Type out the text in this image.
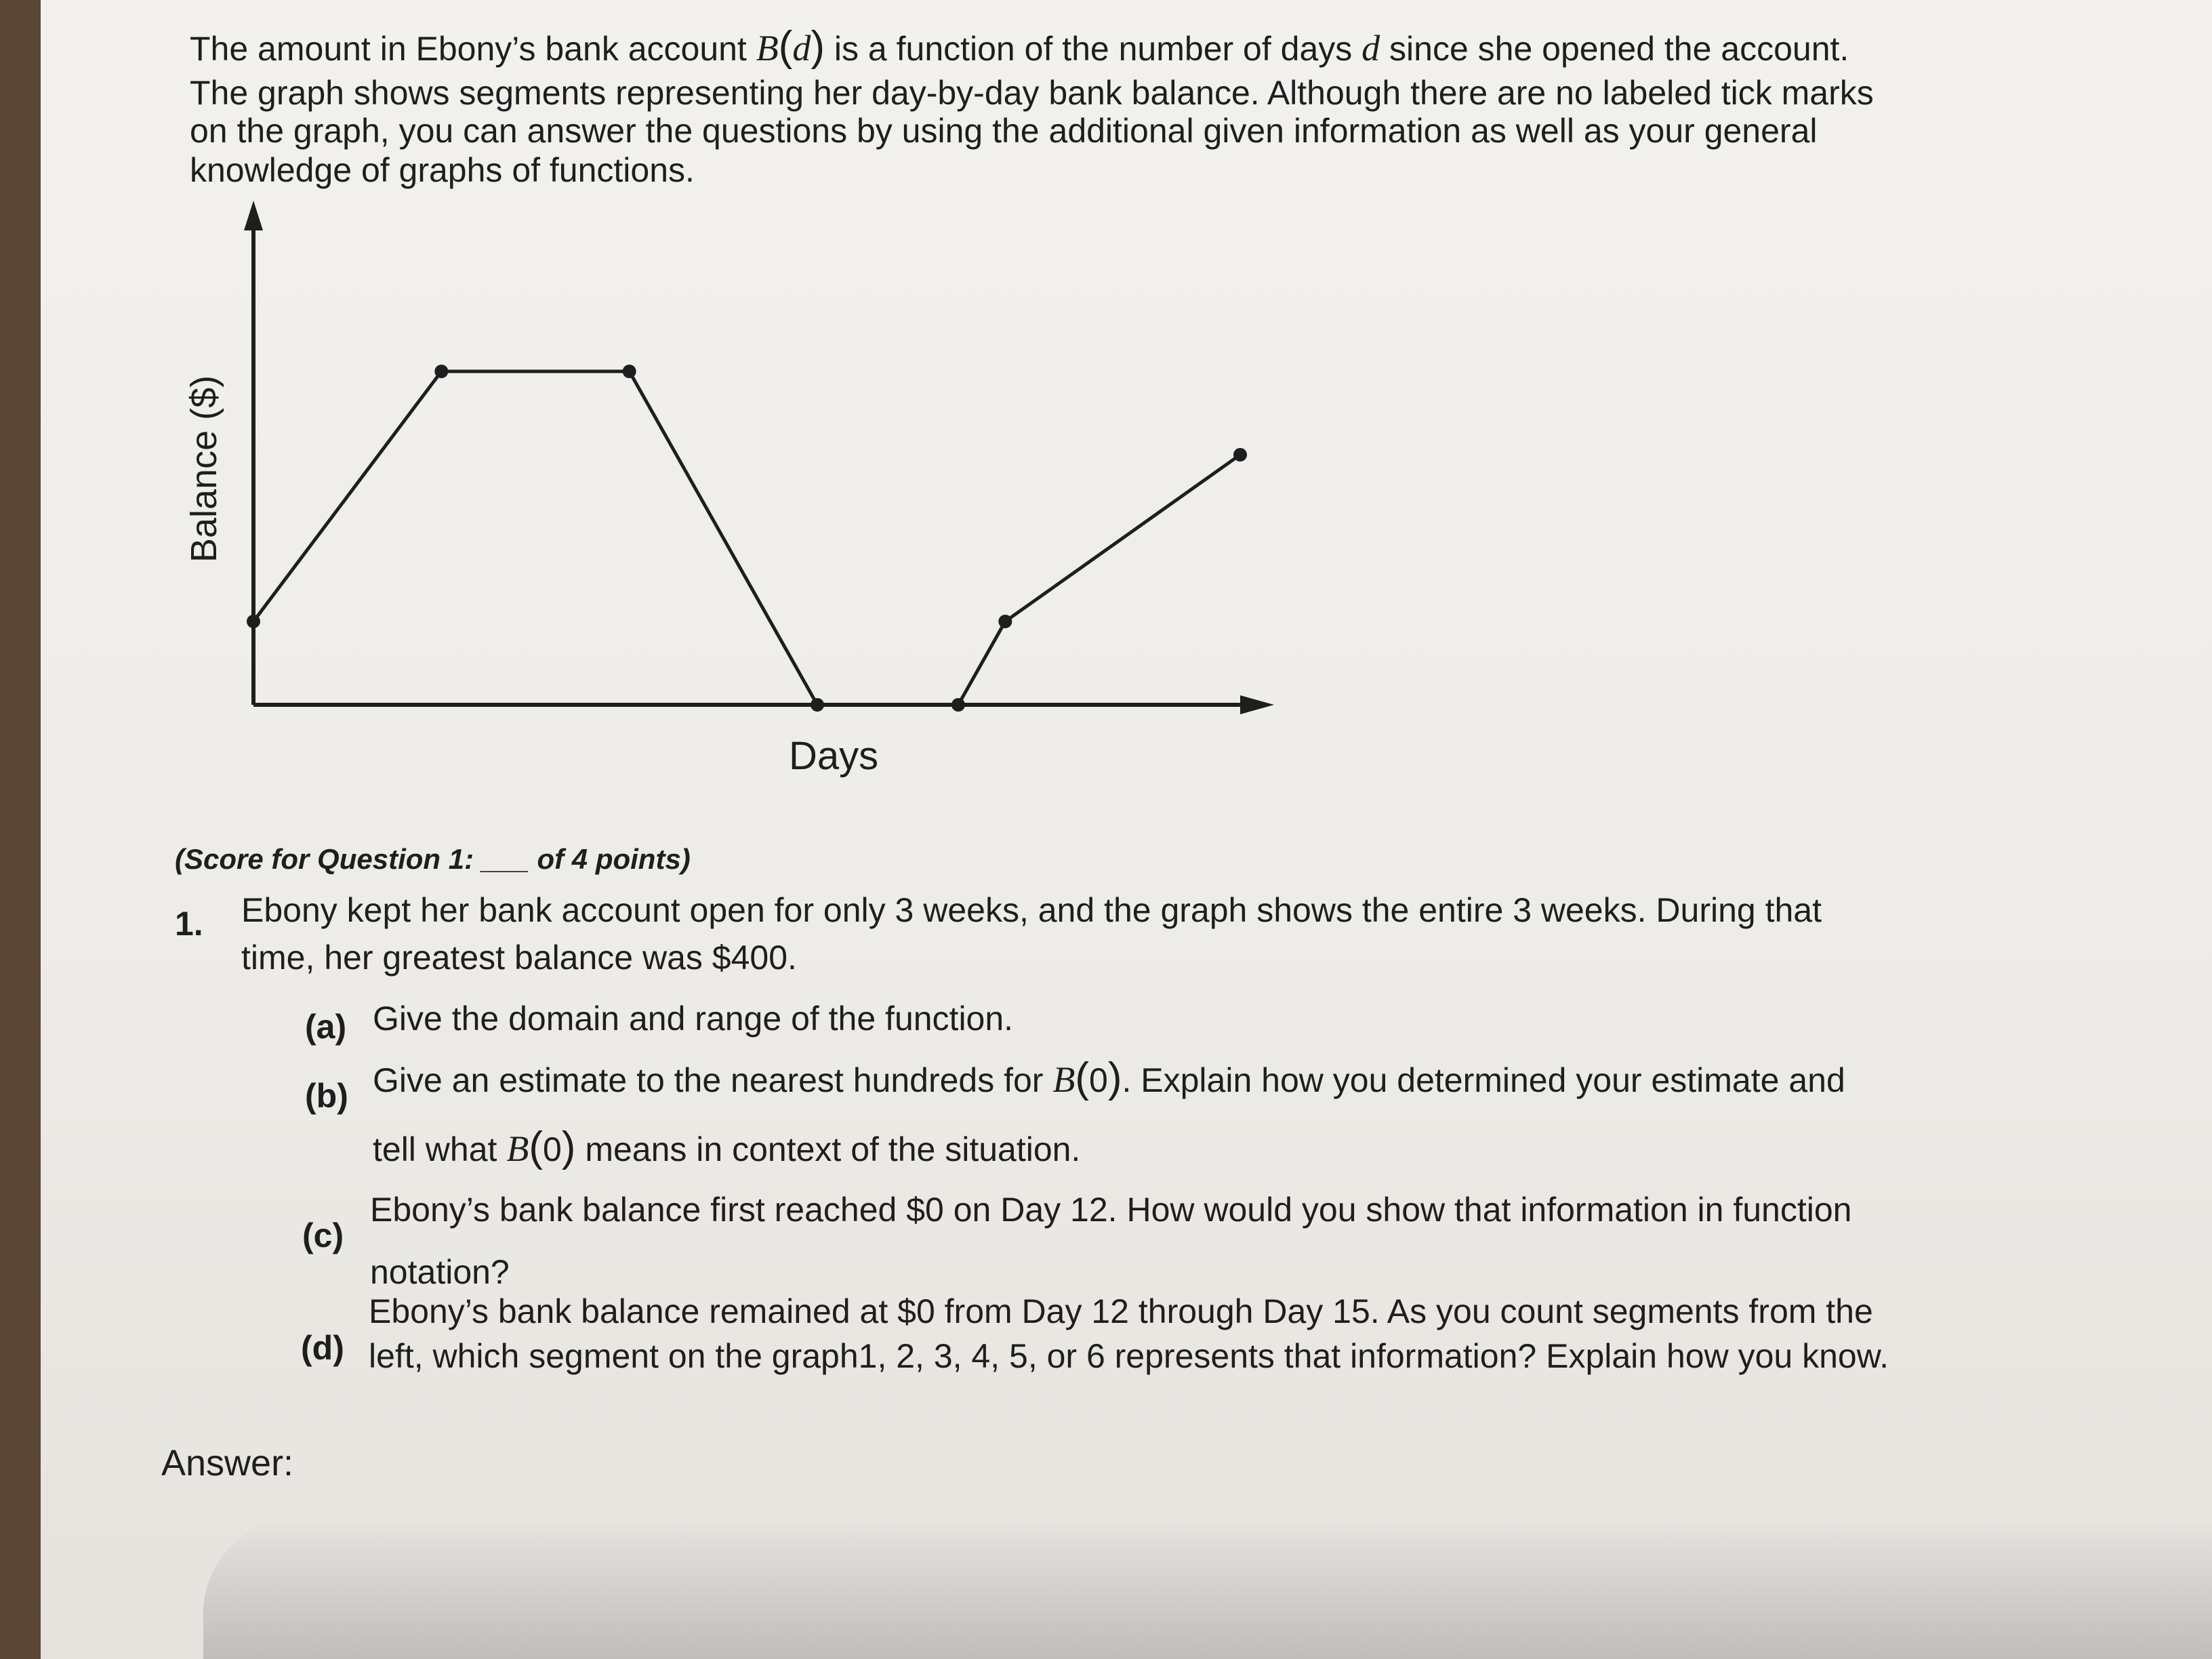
The amount in Ebony’s bank account B(d) is a function of the number of days d since she opened the account.
The graph shows segments representing her day-by-day bank balance. Although there are no labeled tick marks
on the graph, you can answer the questions by using the additional given information as well as your general
knowledge of graphs of functions.
Balance ($)
Days
(Score for Question 1: ___ of 4 points)
1. Ebony kept her bank account open for only 3 weeks, and the graph shows the entire 3 weeks. During that
time, her greatest balance was $400.
(a) Give the domain and range of the function.
(b) Give an estimate to the nearest hundreds for B(0). Explain how you determined your estimate and
tell what B(0) means in context of the situation.
(c)
Ebony’s bank balance first reached $0 on Day 12. How would you show that information in function
notation?
(d)
Ebony’s bank balance remained at $0 from Day 12 through Day 15. As you count segments from the
left, which segment on the graph1, 2, 3, 4, 5, or 6 represents that information? Explain how you know.
Answer:
